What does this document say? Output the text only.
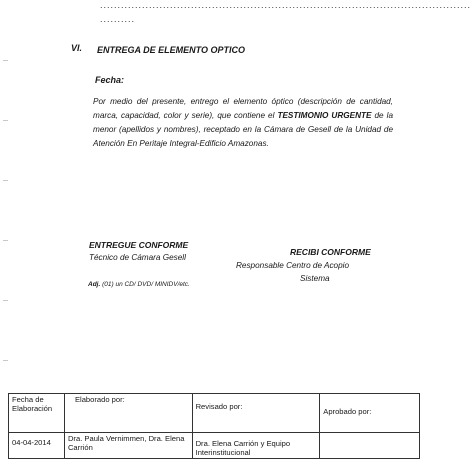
..........................................................................................................
..........
VI. ENTREGA DE ELEMENTO OPTICO
Fecha:
Por medio del presente, entrego el elemento óptico (descripción de cantidad, marca, capacidad, color y serie), que contiene el TESTIMONIO URGENTE de la menor (apellidos y nombres), receptado en la Cámara de Gesell de la Unidad de Atención En Peritaje Integral-Edificio Amazonas.
ENTREGUE CONFORME
Técnico de Cámara Gesell
RECIBI CONFORME
Responsable Centro de Acopio
Sistema
Adj. (01) un CD/ DVD/ MINIDV/etc.
Fecha de Elaboración	Elaborado por:	Revisado por:	Aprobado por:
04-04-2014	Dra. Paula Vernimmen, Dra. Elena Carrión	Dra. Elena Carrión y Equipo Interinstitucional	
